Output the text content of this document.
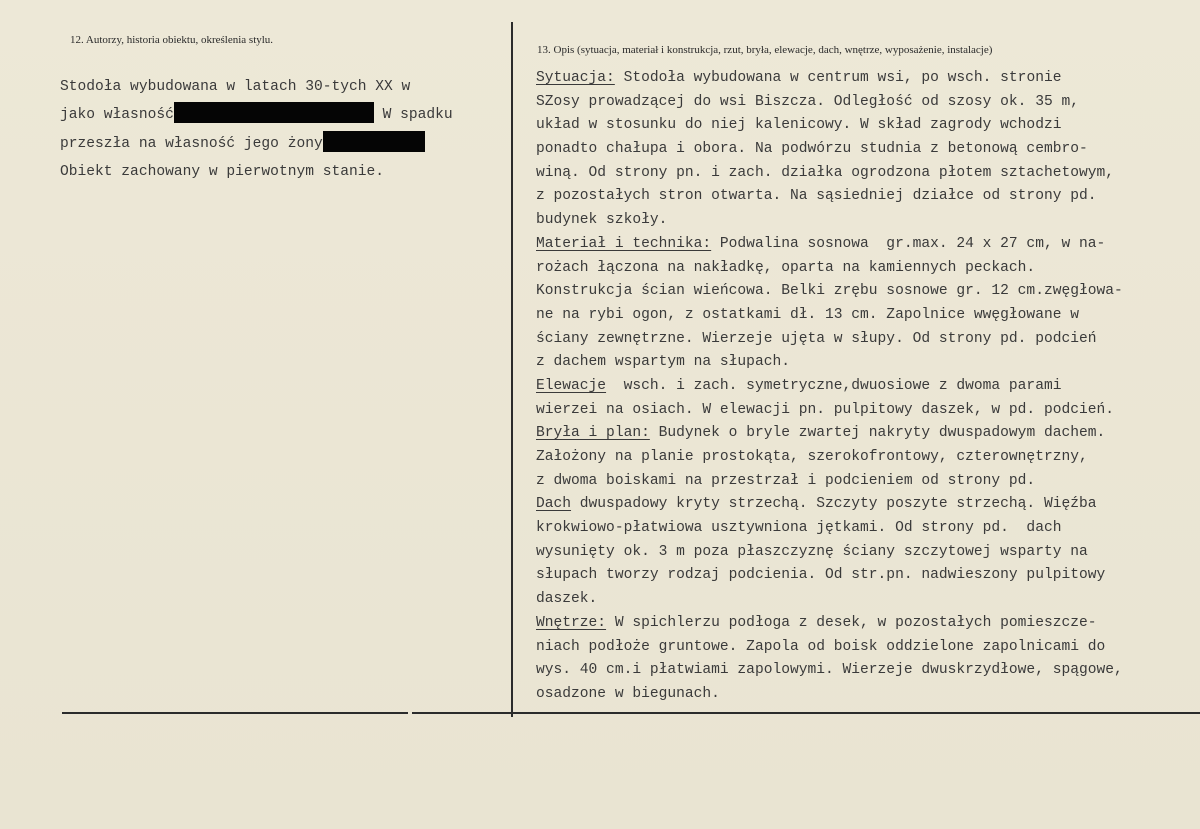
12. Autorzy, historia obiektu, określenia stylu.
13. Opis (sytuacja, materiał i konstrukcja, rzut, bryła, elewacje, dach, wnętrze, wyposażenie, instalacje)
Stodoła wybudowana w latach 30-tych XX w
jako własność	W spadku
przeszła na własność jego żony
Obiekt zachowany w pierwotnym stanie.
Sytuacja: Stodoła wybudowana w centrum wsi, po wsch. stronie
SZosy prowadzącej do wsi Biszcza. Odległość od szosy ok. 35 m,
układ w stosunku do niej kalenicowy. W skład zagrody wchodzi
ponadto chałupa i obora. Na podwórzu studnia z betonową cembro-
winą. Od strony pn. i zach. działka ogrodzona płotem sztachetowym,
z pozostałych stron otwarta. Na sąsiedniej działce od strony pd.
budynek szkoły.
Materiał i technika: Podwalina sosnowa  gr.max. 24 x 27 cm, w na-
rożach łączona na nakładkę, oparta na kamiennych peckach.
Konstrukcja ścian wieńcowa. Belki zrębu sosnowe gr. 12 cm.zwęgłowa-
ne na rybi ogon, z ostatkami dł. 13 cm. Zapolnice wwęgłowane w
ściany zewnętrzne. Wierzeje ujęta w słupy. Od strony pd. podcień
z dachem wspartym na słupach.
Elewacje  wsch. i zach. symetryczne,dwuosiowe z dwoma parami
wierzei na osiach. W elewacji pn. pulpitowy daszek, w pd. podcień.
Bryła i plan: Budynek o bryle zwartej nakryty dwuspadowym dachem.
Założony na planie prostokąta, szerokofrontowy, czterownętrzny,
z dwoma boiskami na przestrzał i podcieniem od strony pd.
Dach dwuspadowy kryty strzechą. Szczyty poszyte strzechą. Więźba
krokwiowo-płatwiowa usztywniona jętkami. Od strony pd.  dach
wysunięty ok. 3 m poza płaszczyznę ściany szczytowej wsparty na
słupach tworzy rodzaj podcienia. Od str.pn. nadwieszony pulpitowy
daszek.
Wnętrze: W spichlerzu podłoga z desek, w pozostałych pomieszcze-
niach podłoże gruntowe. Zapola od boisk oddzielone zapolnicami do
wys. 40 cm.i płatwiami zapolowymi. Wierzeje dwuskrzydłowe, spągowe,
osadzone w biegunach.
